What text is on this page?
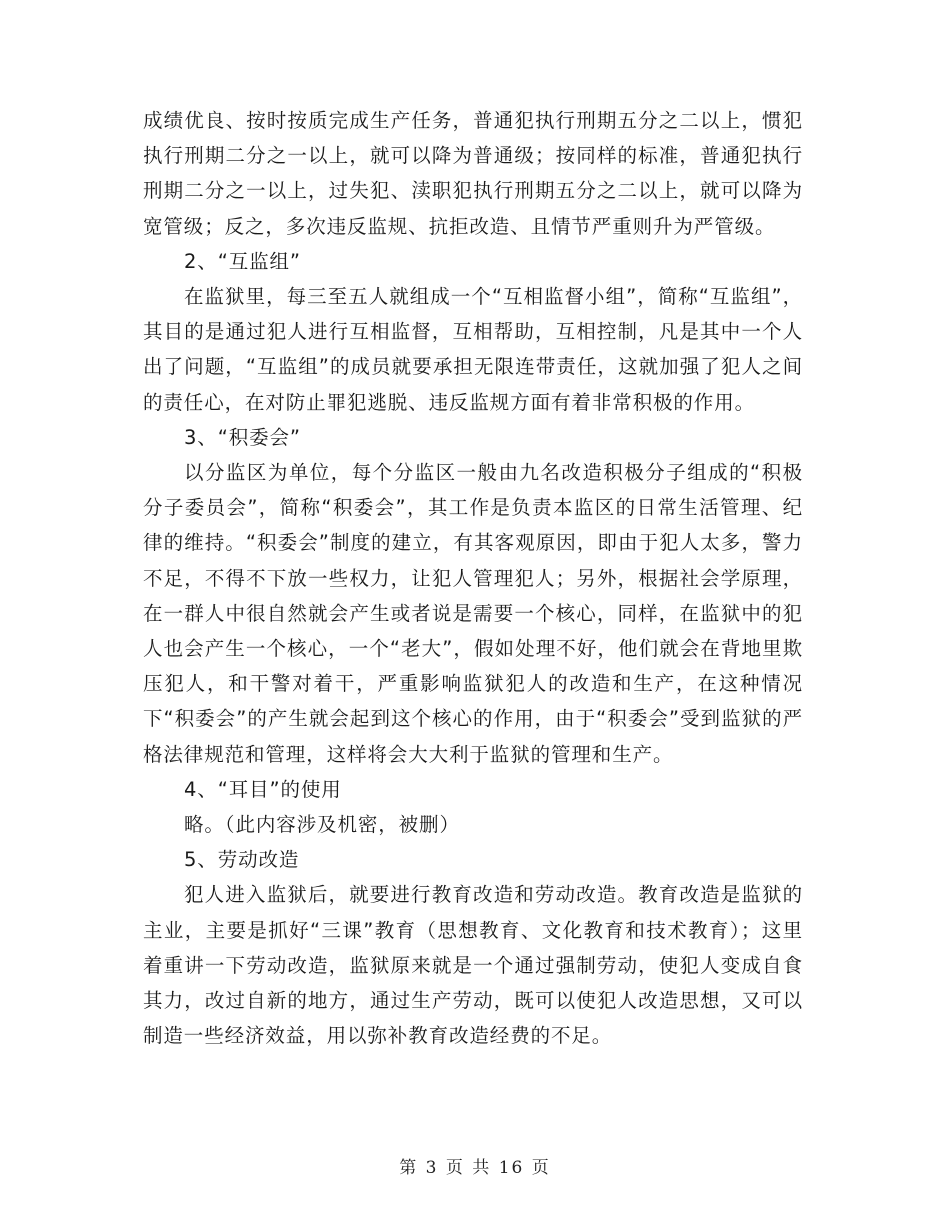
成绩优良、按时按质完成生产任务，普通犯执行刑期五分之二以上，惯犯执行刑期二分之一以上，就可以降为普通级；按同样的标准，普通犯执行刑期二分之一以上，过失犯、渎职犯执行刑期五分之二以上，就可以降为宽管级；反之，多次违反监规、抗拒改造、且情节严重则升为严管级。

2、“互监组”

在监狱里，每三至五人就组成一个“互相监督小组”，简称“互监组”，其目的是通过犯人进行互相监督，互相帮助，互相控制，凡是其中一个人出了问题，“互监组”的成员就要承担无限连带责任，这就加强了犯人之间的责任心，在对防止罪犯逃脱、违反监规方面有着非常积极的作用。

3、“积委会”

以分监区为单位，每个分监区一般由九名改造积极分子组成的“积极分子委员会”，简称“积委会”，其工作是负责本监区的日常生活管理、纪律的维持。“积委会”制度的建立，有其客观原因，即由于犯人太多，警力不足，不得不下放一些权力，让犯人管理犯人；另外，根据社会学原理，在一群人中很自然就会产生或者说是需要一个核心，同样，在监狱中的犯人也会产生一个核心，一个“老大”，假如处理不好，他们就会在背地里欺压犯人，和干警对着干，严重影响监狱犯人的改造和生产，在这种情况下“积委会”的产生就会起到这个核心的作用，由于“积委会”受到监狱的严格法律规范和管理，这样将会大大利于监狱的管理和生产。

4、“耳目”的使用

略。（此内容涉及机密，被删）

5、劳动改造

犯人进入监狱后，就要进行教育改造和劳动改造。教育改造是监狱的主业，主要是抓好“三课”教育（思想教育、文化教育和技术教育）；这里着重讲一下劳动改造，监狱原来就是一个通过强制劳动，使犯人变成自食其力，改过自新的地方，通过生产劳动，既可以使犯人改造思想，又可以制造一些经济效益，用以弥补教育改造经费的不足。

第 3 页 共 16 页
